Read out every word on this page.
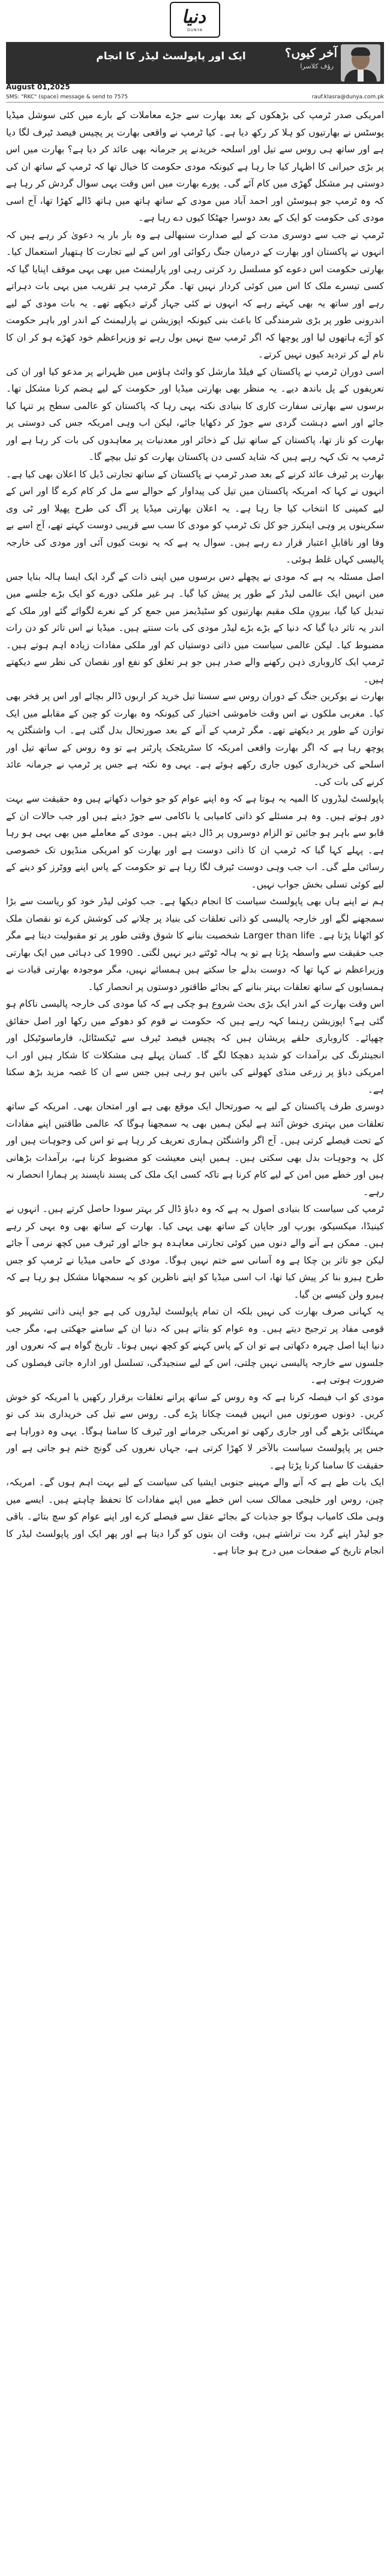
دنیا
DUNYA
آخر کیوں؟
رؤف کلاسرا
ایک اور پاپولسٹ لیڈر کا انجام
August 01,2025
SMS: "RKC" (space) message & send to 7575	rauf.klasra@dunya.com.pk

امریکی صدر ٹرمپ کی بڑھکوں کے بعد بھارت سے جڑے معاملات کے بارے میں کئی سوشل میڈیا پوسٹس نے بھارتیوں کو ہلا کر رکھ دیا ہے۔ کیا ٹرمپ نے واقعی بھارت پر پچیس فیصد ٹیرف لگا دیا ہے اور ساتھ ہی روس سے تیل اور اسلحہ خریدنے پر جرمانہ بھی عائد کر دیا ہے؟ بھارت میں اس پر بڑی حیرانی کا اظہار کیا جا رہا ہے کیونکہ مودی حکومت کا خیال تھا کہ ٹرمپ کے ساتھ ان کی دوستی ہر مشکل گھڑی میں کام آئے گی۔ پورے بھارت میں اس وقت یہی سوال گردش کر رہا ہے کہ وہ ٹرمپ جو ہیوسٹن اور احمد آباد میں مودی کے ساتھ ہاتھ میں ہاتھ ڈالے کھڑا تھا، آج اسی مودی کی حکومت کو ایک کے بعد دوسرا جھٹکا کیوں دے رہا ہے۔

ٹرمپ نے جب سے دوسری مدت کے لیے صدارت سنبھالی ہے وہ بار بار یہ دعویٰ کر رہے ہیں کہ انہوں نے پاکستان اور بھارت کے درمیان جنگ رکوائی اور اس کے لیے تجارت کا ہتھیار استعمال کیا۔ بھارتی حکومت اس دعوے کو مسلسل رد کرتی رہی اور پارلیمنٹ میں بھی یہی موقف اپنایا گیا کہ کسی تیسرے ملک کا اس میں کوئی کردار نہیں تھا۔ مگر ٹرمپ ہر تقریب میں یہی بات دہراتے رہے اور ساتھ یہ بھی کہتے رہے کہ انہوں نے کئی جہاز گرتے دیکھے تھے۔ یہ بات مودی کے لیے اندرونی طور پر بڑی شرمندگی کا باعث بنی کیونکہ اپوزیشن نے پارلیمنٹ کے اندر اور باہر حکومت کو آڑے ہاتھوں لیا اور پوچھا کہ اگر ٹرمپ سچ نہیں بول رہے تو وزیراعظم خود کھڑے ہو کر ان کا نام لے کر تردید کیوں نہیں کرتے۔

اسی دوران ٹرمپ نے پاکستان کے فیلڈ مارشل کو وائٹ ہاؤس میں ظہرانے پر مدعو کیا اور ان کی تعریفوں کے پل باندھ دیے۔ یہ منظر بھی بھارتی میڈیا اور حکومت کے لیے ہضم کرنا مشکل تھا۔ برسوں سے بھارتی سفارت کاری کا بنیادی نکتہ یہی رہا کہ پاکستان کو عالمی سطح پر تنہا کیا جائے اور اسے دہشت گردی سے جوڑ کر دکھایا جائے، لیکن اب وہی امریکہ جس کی دوستی پر بھارت کو ناز تھا، پاکستان کے ساتھ تیل کے ذخائر اور معدنیات پر معاہدوں کی بات کر رہا ہے اور ٹرمپ یہ تک کہہ رہے ہیں کہ شاید کسی دن پاکستان بھارت کو تیل بیچے گا۔

بھارت پر ٹیرف عائد کرنے کے بعد صدر ٹرمپ نے پاکستان کے ساتھ تجارتی ڈیل کا اعلان بھی کیا ہے۔ انہوں نے کہا کہ امریکہ پاکستان میں تیل کی پیداوار کے حوالے سے مل کر کام کرے گا اور اس کے لیے کمپنی کا انتخاب کیا جا رہا ہے۔ یہ اعلان بھارتی میڈیا پر آگ کی طرح پھیلا اور ٹی وی سکرینوں پر وہی اینکرز جو کل تک ٹرمپ کو مودی کا سب سے قریبی دوست کہتے تھے، آج اسے بے وفا اور ناقابلِ اعتبار قرار دے رہے ہیں۔ سوال یہ ہے کہ یہ نوبت کیوں آئی اور مودی کی خارجہ پالیسی کہاں غلط ہوئی۔

اصل مسئلہ یہ ہے کہ مودی نے پچھلے دس برسوں میں اپنی ذات کے گرد ایک ایسا ہالہ بنایا جس میں انہیں ایک عالمی لیڈر کے طور پر پیش کیا گیا۔ ہر غیر ملکی دورے کو ایک بڑے جلسے میں تبدیل کیا گیا، بیرونِ ملک مقیم بھارتیوں کو سٹیڈیمز میں جمع کر کے نعرے لگوائے گئے اور ملک کے اندر یہ تاثر دیا گیا کہ دنیا کے بڑے بڑے لیڈر مودی کی بات سنتے ہیں۔ میڈیا نے اس تاثر کو دن رات مضبوط کیا۔ لیکن عالمی سیاست میں ذاتی دوستیاں کم اور ملکی مفادات زیادہ اہم ہوتے ہیں۔ ٹرمپ ایک کاروباری ذہن رکھنے والے صدر ہیں جو ہر تعلق کو نفع اور نقصان کی نظر سے دیکھتے ہیں۔

بھارت نے یوکرین جنگ کے دوران روس سے سستا تیل خرید کر اربوں ڈالر بچائے اور اس پر فخر بھی کیا۔ مغربی ملکوں نے اس وقت خاموشی اختیار کی کیونکہ وہ بھارت کو چین کے مقابلے میں ایک توازن کے طور پر دیکھتے تھے۔ مگر ٹرمپ کے آنے کے بعد صورتحال بدل گئی ہے۔ اب واشنگٹن یہ پوچھ رہا ہے کہ اگر بھارت واقعی امریکہ کا سٹریٹجک پارٹنر ہے تو وہ روس کے ساتھ تیل اور اسلحے کی خریداری کیوں جاری رکھے ہوئے ہے۔ یہی وہ نکتہ ہے جس پر ٹرمپ نے جرمانہ عائد کرنے کی بات کی۔

پاپولسٹ لیڈروں کا المیہ یہ ہوتا ہے کہ وہ اپنے عوام کو جو خواب دکھاتے ہیں وہ حقیقت سے بہت دور ہوتے ہیں۔ وہ ہر مسئلے کو ذاتی کامیابی یا ناکامی سے جوڑ دیتے ہیں اور جب حالات ان کے قابو سے باہر ہو جائیں تو الزام دوسروں پر ڈال دیتے ہیں۔ مودی کے معاملے میں بھی یہی ہو رہا ہے۔ پہلے کہا گیا کہ ٹرمپ ان کا ذاتی دوست ہے اور بھارت کو امریکی منڈیوں تک خصوصی رسائی ملے گی۔ اب جب وہی دوست ٹیرف لگا رہا ہے تو حکومت کے پاس اپنے ووٹرز کو دینے کے لیے کوئی تسلی بخش جواب نہیں۔

ہم نے اپنے ہاں بھی پاپولسٹ سیاست کا انجام دیکھا ہے۔ جب کوئی لیڈر خود کو ریاست سے بڑا سمجھنے لگے اور خارجہ پالیسی کو ذاتی تعلقات کی بنیاد پر چلانے کی کوشش کرے تو نقصان ملک کو اٹھانا پڑتا ہے۔ Larger than life شخصیت بنانے کا شوق وقتی طور پر تو مقبولیت دیتا ہے مگر جب حقیقت سے واسطہ پڑتا ہے تو یہ ہالہ ٹوٹتے دیر نہیں لگتی۔ 1990 کی دہائی میں ایک بھارتی وزیراعظم نے کہا تھا کہ دوست بدلے جا سکتے ہیں ہمسائے نہیں، مگر موجودہ بھارتی قیادت نے ہمسایوں کے ساتھ تعلقات بہتر بنانے کے بجائے طاقتور دوستوں پر انحصار کیا۔

اس وقت بھارت کے اندر ایک بڑی بحث شروع ہو چکی ہے کہ کیا مودی کی خارجہ پالیسی ناکام ہو گئی ہے؟ اپوزیشن رہنما کہہ رہے ہیں کہ حکومت نے قوم کو دھوکے میں رکھا اور اصل حقائق چھپائے۔ کاروباری حلقے پریشان ہیں کہ پچیس فیصد ٹیرف سے ٹیکسٹائل، فارماسوٹیکل اور انجینئرنگ کی برآمدات کو شدید دھچکا لگے گا۔ کسان پہلے ہی مشکلات کا شکار ہیں اور اب امریکی دباؤ پر زرعی منڈی کھولنے کی باتیں ہو رہی ہیں جس سے ان کا غصہ مزید بڑھ سکتا ہے۔

دوسری طرف پاکستان کے لیے یہ صورتحال ایک موقع بھی ہے اور امتحان بھی۔ امریکہ کے ساتھ تعلقات میں بہتری خوش آئند ہے لیکن ہمیں بھی یہ سمجھنا ہوگا کہ عالمی طاقتیں اپنے مفادات کے تحت فیصلے کرتی ہیں۔ آج اگر واشنگٹن ہماری تعریف کر رہا ہے تو اس کی وجوہات ہیں اور کل یہ وجوہات بدل بھی سکتی ہیں۔ ہمیں اپنی معیشت کو مضبوط کرنا ہے، برآمدات بڑھانی ہیں اور خطے میں امن کے لیے کام کرنا ہے تاکہ کسی ایک ملک کی پسند ناپسند پر ہمارا انحصار نہ رہے۔

ٹرمپ کی سیاست کا بنیادی اصول یہ ہے کہ وہ دباؤ ڈال کر بہتر سودا حاصل کرتے ہیں۔ انہوں نے کینیڈا، میکسیکو، یورپ اور جاپان کے ساتھ بھی یہی کیا۔ بھارت کے ساتھ بھی وہ یہی کر رہے ہیں۔ ممکن ہے آنے والے دنوں میں کوئی تجارتی معاہدہ ہو جائے اور ٹیرف میں کچھ نرمی آ جائے لیکن جو تاثر بن چکا ہے وہ آسانی سے ختم نہیں ہوگا۔ مودی کے حامی میڈیا نے ٹرمپ کو جس طرح ہیرو بنا کر پیش کیا تھا، اب اسی میڈیا کو اپنے ناظرین کو یہ سمجھانا مشکل ہو رہا ہے کہ ہیرو ولن کیسے بن گیا۔

یہ کہانی صرف بھارت کی نہیں بلکہ ان تمام پاپولسٹ لیڈروں کی ہے جو اپنی ذاتی تشہیر کو قومی مفاد پر ترجیح دیتے ہیں۔ وہ عوام کو بتاتے ہیں کہ دنیا ان کے سامنے جھکتی ہے، مگر جب دنیا اپنا اصل چہرہ دکھاتی ہے تو ان کے پاس کہنے کو کچھ نہیں ہوتا۔ تاریخ گواہ ہے کہ نعروں اور جلسوں سے خارجہ پالیسی نہیں چلتی، اس کے لیے سنجیدگی، تسلسل اور ادارہ جاتی فیصلوں کی ضرورت ہوتی ہے۔

مودی کو اب فیصلہ کرنا ہے کہ وہ روس کے ساتھ پرانے تعلقات برقرار رکھیں یا امریکہ کو خوش کریں۔ دونوں صورتوں میں انہیں قیمت چکانا پڑے گی۔ روس سے تیل کی خریداری بند کی تو مہنگائی بڑھے گی اور جاری رکھی تو امریکی جرمانے اور ٹیرف کا سامنا ہوگا۔ یہی وہ دوراہا ہے جس پر پاپولسٹ سیاست بالآخر لا کھڑا کرتی ہے، جہاں نعروں کی گونج ختم ہو جاتی ہے اور حقیقت کا سامنا کرنا پڑتا ہے۔

ایک بات طے ہے کہ آنے والے مہینے جنوبی ایشیا کی سیاست کے لیے بہت اہم ہوں گے۔ امریکہ، چین، روس اور خلیجی ممالک سب اس خطے میں اپنے مفادات کا تحفظ چاہتے ہیں۔ ایسے میں وہی ملک کامیاب ہوگا جو جذبات کے بجائے عقل سے فیصلے کرے اور اپنے عوام کو سچ بتائے۔ باقی جو لیڈر اپنے گرد بت تراشتے ہیں، وقت ان بتوں کو گرا دیتا ہے اور پھر ایک اور پاپولسٹ لیڈر کا انجام تاریخ کے صفحات میں درج ہو جاتا ہے۔
